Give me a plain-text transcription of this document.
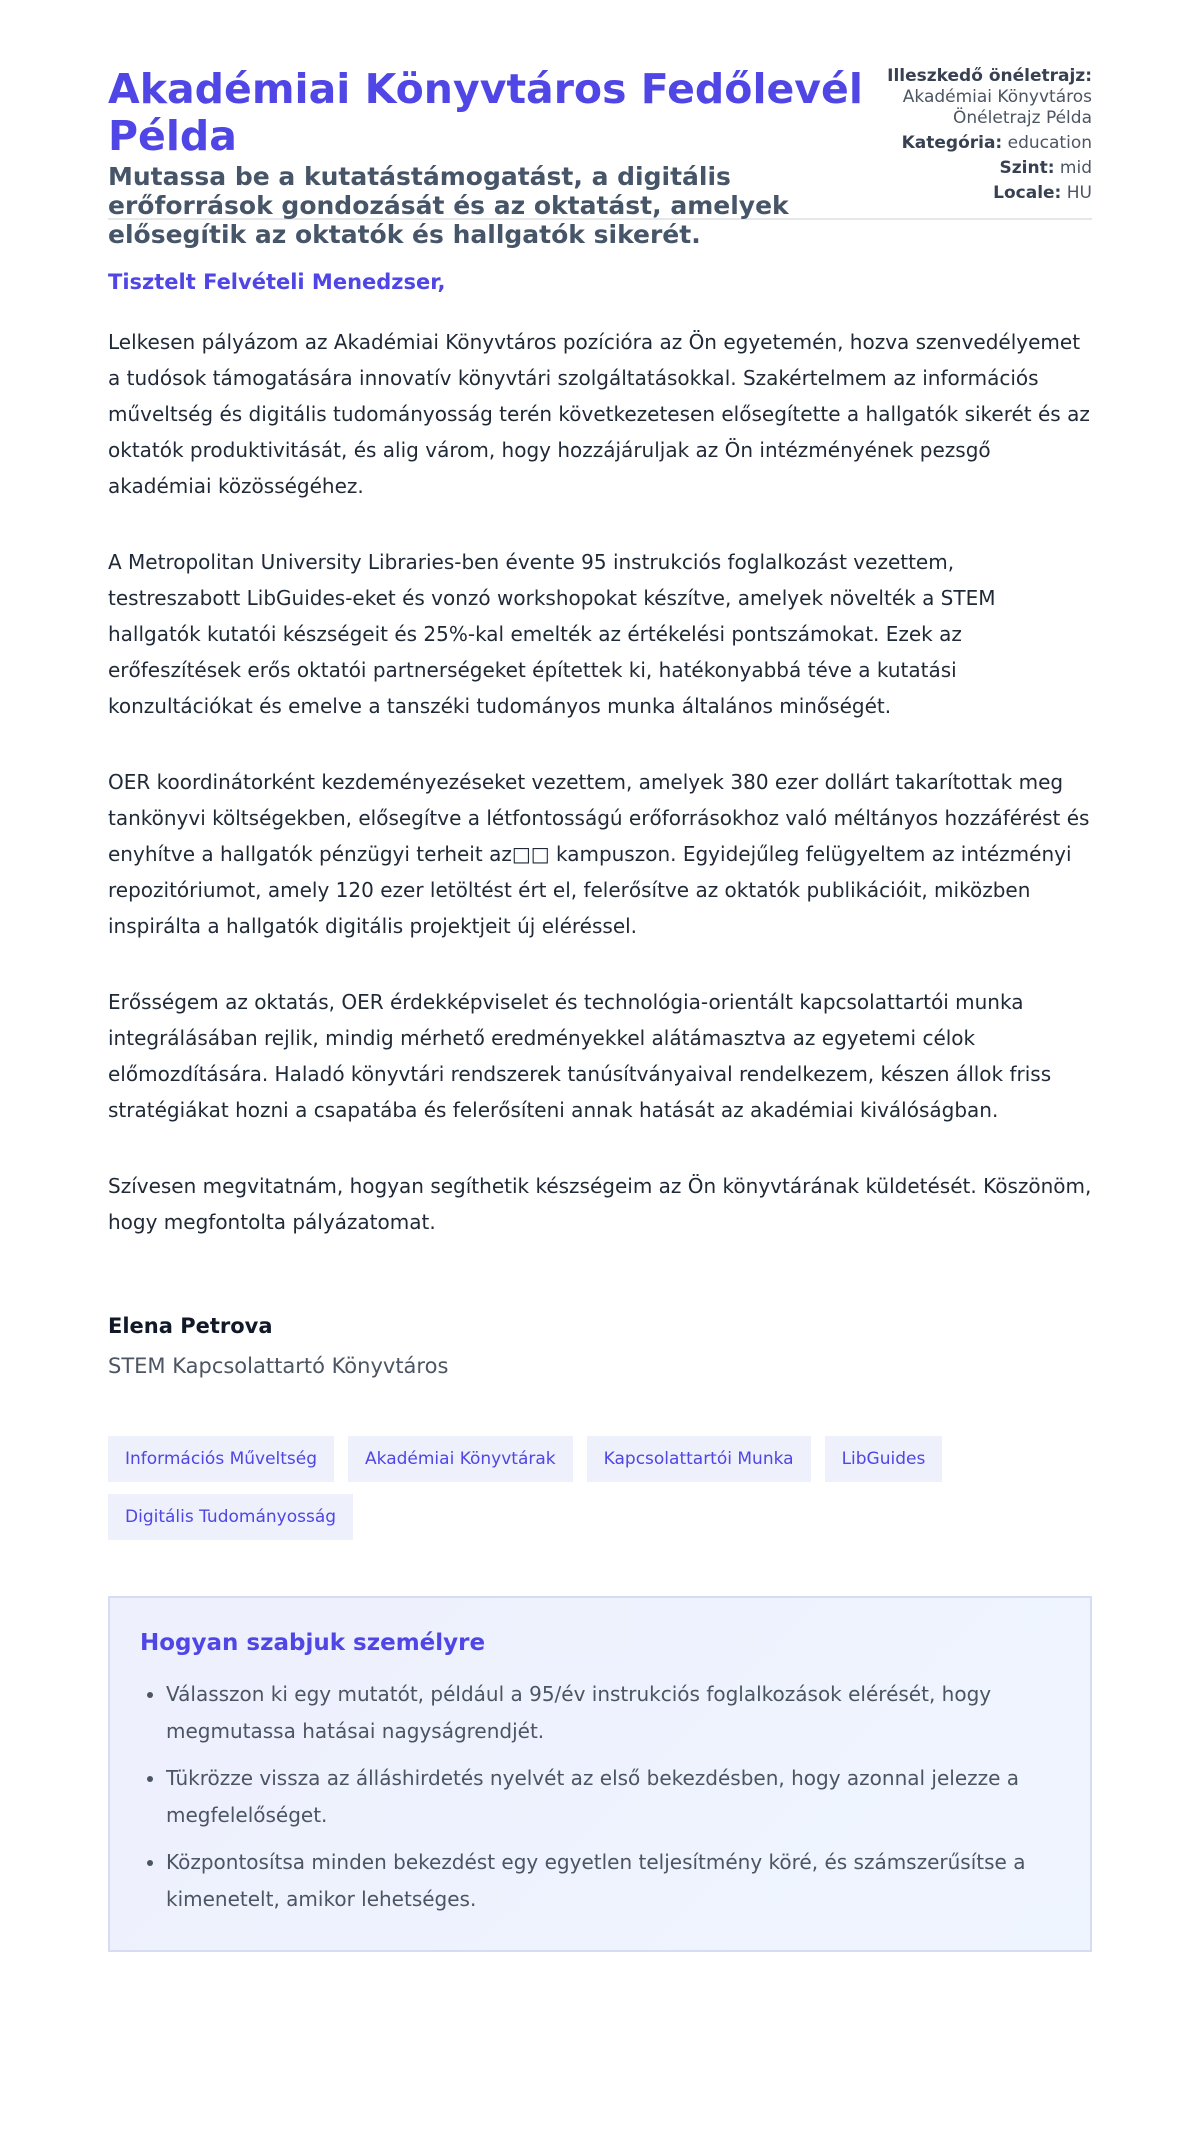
Akadémiai Könyvtáros Fedőlevél Példa
Mutassa be a kutatástámogatást, a digitális erőforrások gondozását és az oktatást, amelyek elősegítik az oktatók és hallgatók sikerét.
Illeszkedő önéletrajz:
Akadémiai Könyvtáros Önéletrajz Példa
Kategória: education
Szint: mid
Locale: HU

Tisztelt Felvételi Menedzser,

Lelkesen pályázom az Akadémiai Könyvtáros pozícióra az Ön egyetemén, hozva szenvedélyemet a tudósok támogatására innovatív könyvtári szolgáltatásokkal. Szakértelmem az információs műveltség és digitális tudományosság terén következetesen elősegítette a hallgatók sikerét és az oktatók produktivitását, és alig várom, hogy hozzájáruljak az Ön intézményének pezsgő akadémiai közösségéhez.

A Metropolitan University Libraries-ben évente 95 instrukciós foglalkozást vezettem, testreszabott LibGuides-eket és vonzó workshopokat készítve, amelyek növelték a STEM hallgatók kutatói készségeit és 25%-kal emelték az értékelési pontszámokat. Ezek az erőfeszítések erős oktatói partnerségeket építettek ki, hatékonyabbá téve a kutatási konzultációkat és emelve a tanszéki tudományos munka általános minőségét.

OER koordinátorként kezdeményezéseket vezettem, amelyek 380 ezer dollárt takarítottak meg tankönyvi költségekben, elősegítve a létfontosságú erőforrásokhoz való méltányos hozzáférést és enyhítve a hallgatók pénzügyi terheit az□□ kampuszon. Egyidejűleg felügyeltem az intézményi repozitóriumot, amely 120 ezer letöltést ért el, felerősítve az oktatók publikációit, miközben inspirálta a hallgatók digitális projektjeit új eléréssel.

Erősségem az oktatás, OER érdekképviselet és technológia-orientált kapcsolattartói munka integrálásában rejlik, mindig mérhető eredményekkel alátámasztva az egyetemi célok előmozdítására. Haladó könyvtári rendszerek tanúsítványaival rendelkezem, készen állok friss stratégiákat hozni a csapatába és felerősíteni annak hatását az akadémiai kiválóságban.

Szívesen megvitatnám, hogyan segíthetik készségeim az Ön könyvtárának küldetését. Köszönöm, hogy megfontolta pályázatomat.

Elena Petrova
STEM Kapcsolattartó Könyvtáros
Információs Műveltség	Akadémiai Könyvtárak	Kapcsolattartói Munka	LibGuides
Digitális Tudományosság
Hogyan szabjuk személyre
• Válasszon ki egy mutatót, például a 95/év instrukciós foglalkozások elérését, hogy megmutassa hatásai nagyságrendjét.
• Tükrözze vissza az álláshirdetés nyelvét az első bekezdésben, hogy azonnal jelezze a megfelelőséget.
• Központosítsa minden bekezdést egy egyetlen teljesítmény köré, és számszerűsítse a kimenetelt, amikor lehetséges.
